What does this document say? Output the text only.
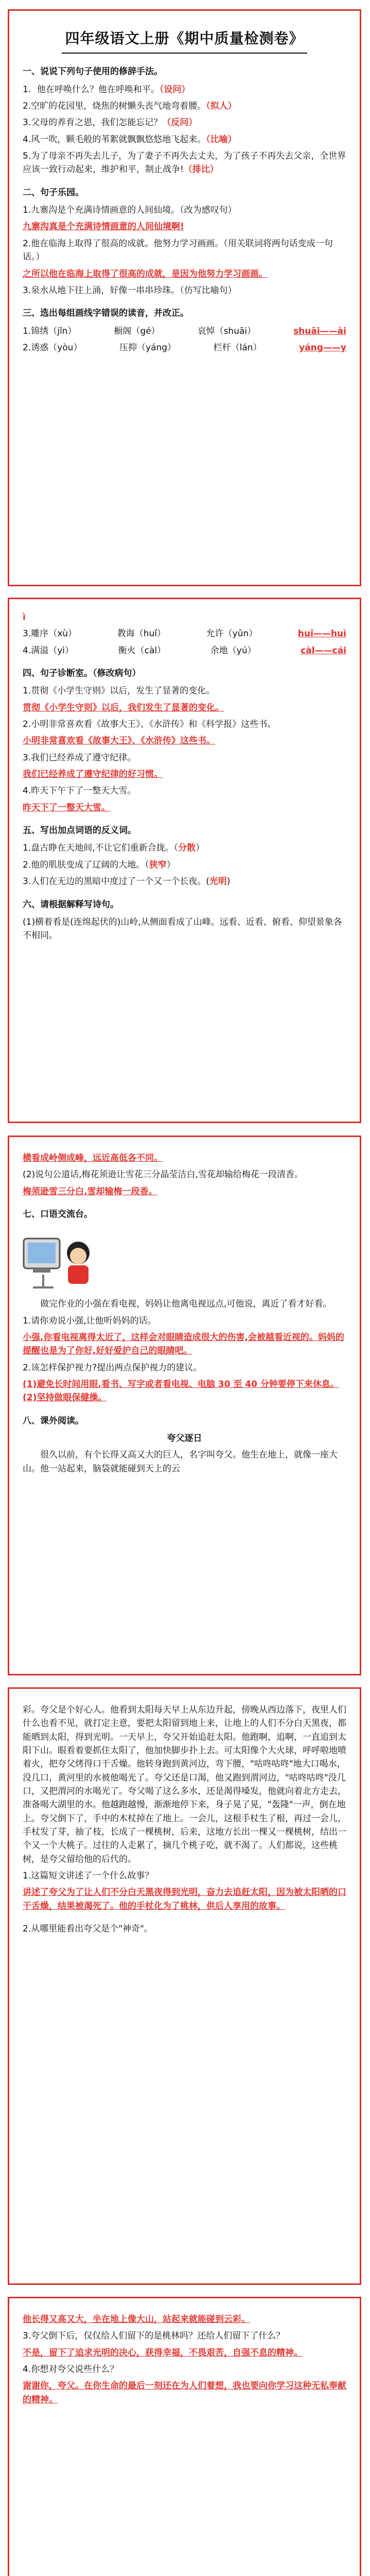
四年级语文上册《期中质量检测卷》
一、说说下列句子使用的修辞手法。
1．他在呼唤什么？他在呼唤和平。（设问）
2.空旷的花园里，烧焦的树懒头丧气地弯着腰。（拟人）
3.父母的养育之恩，我们怎能忘记？（反问）
4.风一吹，颗毛般的苇絮就飘飘悠悠地飞起来。（比喻）
5.为了母亲不再失去儿子，为了妻子不再失去丈夫，为了孩子不再失去父亲，全世界应该一致行动起来，维护和平，制止战争!（排比）
二、句子乐园。
1.九寨沟是个充满诗情画意的人间仙境。（改为感叹句）
九寨沟真是个充满诗情画意的人间仙境啊!
2.他在临海上取得了很高的成就。他努力学习画画。（用关联词将两句话变成一句话。）
之所以他在临海上取得了很高的成就，是因为他努力学习画画。
3.泉水从地下往上涌，好像一串串珍珠。（仿写比喻句）
三、选出每组画线字错误的读音，并改正。
1.锦绣（jǐn）	橱阁（gé）	哀悼（shuāi）	shuāi——ài
2.诱惑（yòu）	压抑（yáng）	栏杆（lán）	yáng——y
ì
3.雕序（xù）	教诲（huǐ）	允许（yǔn）	huǐ——huì
4.满溢（yì）	衡火（càl）	余地（yú）	càl——cái
四、句子诊断室。（修改病句）
1.贯彻《小学生守则》以后，发生了显著的变化。
贯彻《小学生守则》以后，我们发生了显著的变化。
2.小明非常喜欢看《故事大王》、《水浒传》和《科学报》这些书。
小明非常喜欢看《故事大王》、《水浒传》这些书。
3.我们已经养成了遵守纪律。
我们已经养成了遵守纪律的好习惯。
4.昨天下午下了一整天大雪。
昨天下了一整天大雪。
五、写出加点词语的反义词。
1.盘古睁在天地间,不让它们重新合拢。（分散）
2.他的肌肤变成了辽阔的大地。（狭窄）
3.人们在无边的黑暗中度过了一个又一个长夜。(光明)
六、请根据解释写诗句。
(1)横着看是(连绵起伏的)山岭,从侧面看成了山峰。远看、近看、俯看、仰望景象各不相同。
横看成岭侧成峰，远近高低各不同。
(2)说句公道话,梅花须逊让雪花三分晶莹洁白,雪花却输给梅花一段清香。
梅须逊雪三分白,雪却输梅一段香。
七、口语交流台。
做完作业的小强在看电视，妈妈让他离电视远点,可他说，离近了看才好看。
1.请你劝说小强,让他听妈妈的话。
小强,你看电视离得太近了，这样会对眼睛造成很大的伤害,会被越看近视的。妈妈的提醒也是为了你好,好好爱护自己的眼睛吧。
2.该怎样保护视力?提出两点保护视力的建议。
(1)避免长时间用眼,看书、写字或者看电视、电脑 30 至 40 分钟要停下来休息。(2)坚持做眼保健操。
八、课外阅读。
夸父逐日
很久以前，有个长得又高又大的巨人，名字叫夸父。他生在地上，就像一座大山。他一站起来，脑袋就能碰到天上的云
彩。夸父是个好心人。他看到太阳每天早上从东边升起，傍晚从西边落下，夜里人们什么也看不见，就打定主意，要把太阳留到地上来，让地上的人们不分白天黑夜，都能晒到太阳，得到光明。一天早上，夸父开始追赶太阳。他跑啊，追啊，一直追到太阳下山。眼看着要抓住太阳了，他加快脚步扑上去。可太阳像个大火球，呼呼啦地喷着火，把夸父烤得口干舌燥。他转身跑到黄河边，弯下腰，"咕咚咕咚"地大口喝水，没几口，黄河里的水被他喝光了。夸父还是口渴，他又跑到渭河边，"咕咚咕咚"没几口，又把渭河的水喝光了。夸父喝了这么多水，还是渴得嗓发，他就向着北方走去，准备喝大湖里的水。他越跑越慢，渐渐地停下来，身子晃了晃，"轰隆"一声，倒在地上。夸父倒下了，手中的木杖掉在了地上。一会儿，这根手杖生了根，再过一会儿，手杖发了芽，抽了枝，长成了一棵桃树，后来，这地方长出一棵又一棵桃树，结出一个又一个大桃子。过往的人走累了，摘几个桃子吃，就不渴了。人们都说，这些桃树，是夸父留给他的后代的。
1.这篇短文讲述了一个什么故事？
讲述了夸父为了让人们不分白天黑夜得到光明，奋力去追赶太阳，因为被太阳晒的口干舌燥，结果被渴死了。他的手杖化为了桃林，供后人享用的故事。
2.从哪里能看出夸父是个"神奇"。
他长得又高又大，坐在地上像大山，站起来就能碰到云彩。
3.夸父倒下后，仅仅给人们留下的是桃林吗？还给人们留下了什么？
不是，留下了追求光明的决心，获得幸福，不畏艰苦，自强不息的精神。
4.你想对夸父说些什么？
谢谢你，夸父。在你生命的最后一刻还在为人们着想，我也要向你学习这种无私奉献的精神。
